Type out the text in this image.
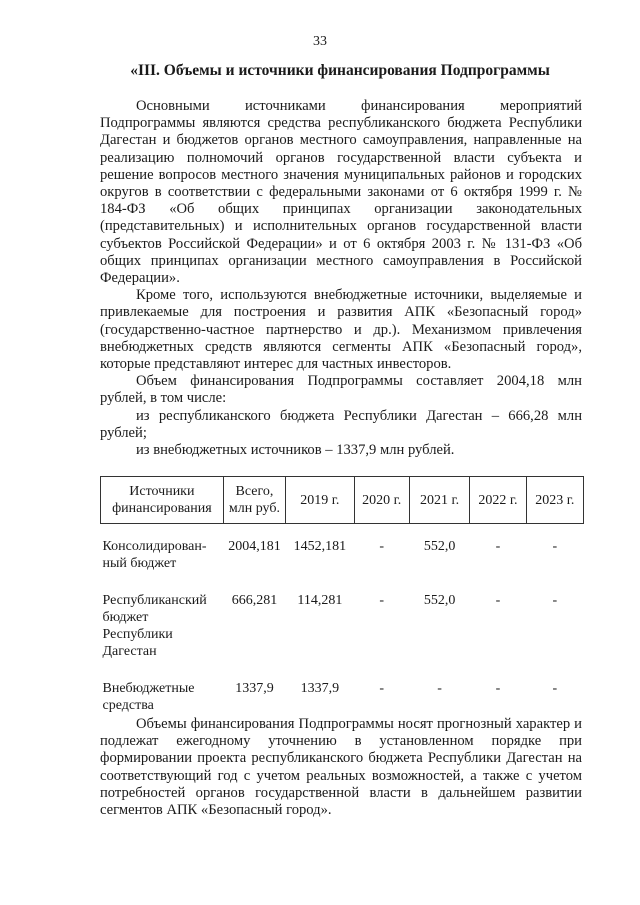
33
«III. Объемы и источники финансирования Подпрограммы

Основными источниками финансирования мероприятий Подпрограммы являются средства республиканского бюджета Республики Дагестан и бюджетов органов местного самоуправления, направленные на реализацию полномочий органов государственной власти субъекта и решение вопросов местного значения муниципальных районов и городских округов в соответствии с федеральными законами от 6 октября 1999 г. № 184-ФЗ «Об общих принципах организации законодательных (представительных) и исполнительных органов государственной власти субъектов Российской Федерации» и от 6 октября 2003 г. № 131-ФЗ «Об общих принципах организации местного самоуправления в Российской Федерации».

Кроме того, используются внебюджетные источники, выделяемые и привлекаемые для построения и развития АПК «Безопасный город» (государственно-частное партнерство и др.). Механизмом привлечения внебюджетных средств являются сегменты АПК «Безопасный город», которые представляют интерес для частных инвесторов.

Объем финансирования Подпрограммы составляет 2004,18 млн рублей, в том числе:

из республиканского бюджета Республики Дагестан – 666,28 млн рублей;

из внебюджетных источников – 1337,9 млн рублей.

Источники финансирования	Всего, млн руб.	2019 г.	2020 г.	2021 г.	2022 г.	2023 г.
Консолидирован-ный бюджет	2004,181	1452,181	-	552,0	-	-
Республиканский бюджет Республики Дагестан	666,281	114,281	-	552,0	-	-
Внебюджетные средства	1337,9	1337,9	-	-	-	-

Объемы финансирования Подпрограммы носят прогнозный характер и подлежат ежегодному уточнению в установленном порядке при формировании проекта республиканского бюджета Республики Дагестан на соответствующий год с учетом реальных возможностей, а также с учетом потребностей органов государственной власти в дальнейшем развитии сегментов АПК «Безопасный город».
